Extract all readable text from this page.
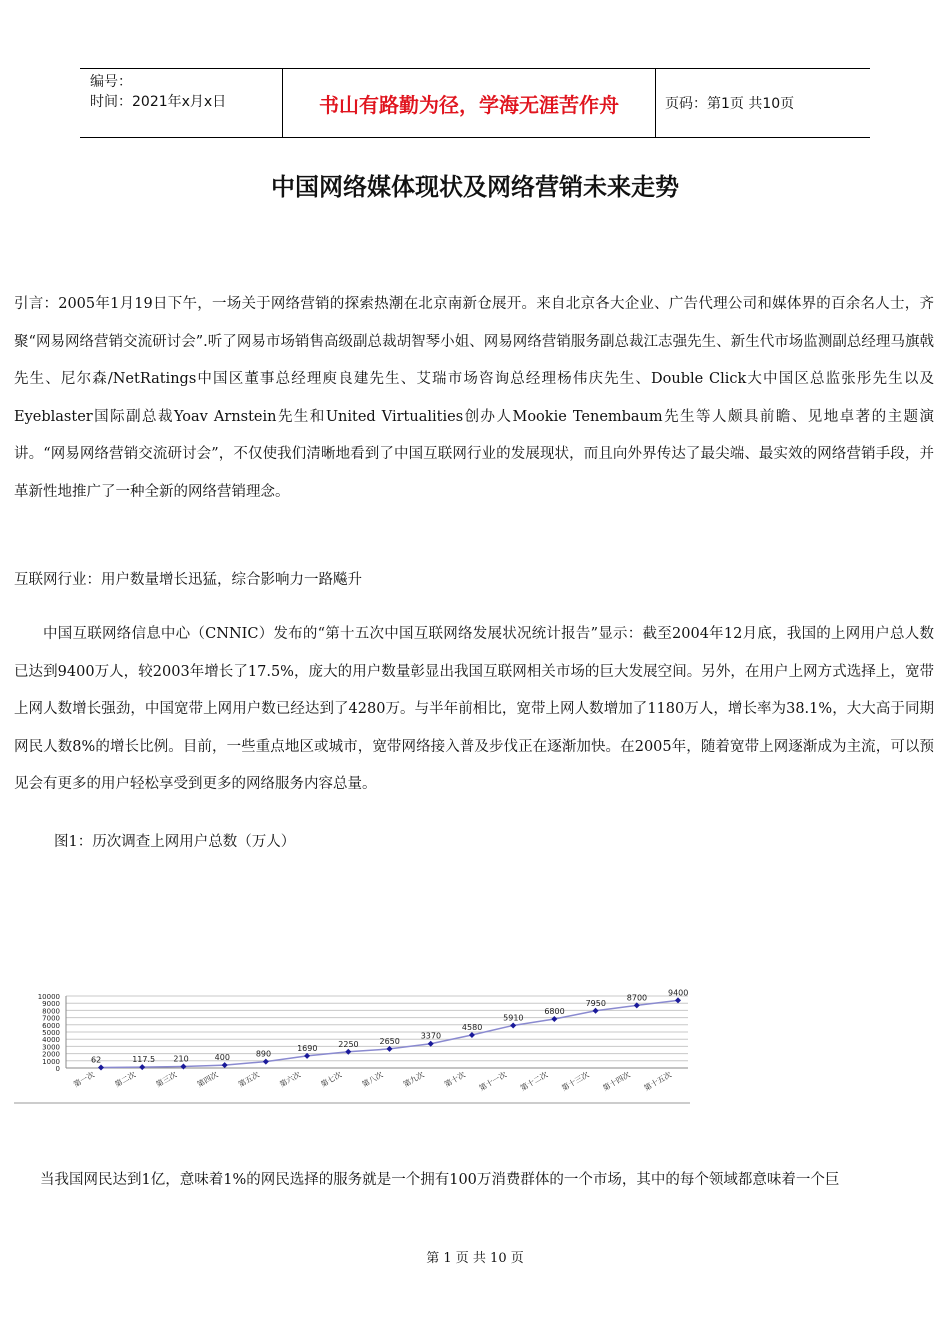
编号：
时间：2021年x月x日	书山有路勤为径，学海无涯苦作舟	页码：第1页 共10页
中国网络媒体现状及网络营销未来走势
引言：2005年1月19日下午，一场关于网络营销的探索热潮在北京南新仓展开。来自北京各大企业、广告代理公司和媒体界的百余名人士，齐聚“网易网络营销交流研讨会”.听了网易市场销售高级副总裁胡智琴小姐、网易网络营销服务副总裁江志强先生、新生代市场监测副总经理马旗戟先生、尼尔森/NetRatings中国区董事总经理庾良建先生、艾瑞市场咨询总经理杨伟庆先生、Double Click大中国区总监张彤先生以及Eyeblaster国际副总裁Yoav Arnstein先生和United Virtualities创办人Mookie Tenembaum先生等人颇具前瞻、见地卓著的主题演讲。“网易网络营销交流研讨会”，不仅使我们清晰地看到了中国互联网行业的发展现状，而且向外界传达了最尖端、最实效的网络营销手段，并革新性地推广了一种全新的网络营销理念。
互联网行业：用户数量增长迅猛，综合影响力一路飚升
中国互联网络信息中心（CNNIC）发布的“第十五次中国互联网络发展状况统计报告”显示：截至2004年12月底，我国的上网用户总人数已达到9400万人，较2003年增长了17.5%，庞大的用户数量彰显出我国互联网相关市场的巨大发展空间。另外，在用户上网方式选择上，宽带上网人数增长强劲，中国宽带上网用户数已经达到了4280万。与半年前相比，宽带上网人数增加了1180万人，增长率为38.1%，大大高于同期网民人数8%的增长比例。目前，一些重点地区或城市，宽带网络接入普及步伐正在逐渐加快。在2005年，随着宽带上网逐渐成为主流，可以预见会有更多的用户轻松享受到更多的网络服务内容总量。
图1：历次调查上网用户总数（万人）
0
1000
2000
3000
4000
5000
6000
7000
8000
9000
10000
62
第一次
117.5
第二次
210
第三次
400
第四次
890
第五次
1690
第六次
2250
第七次
2650
第八次
3370
第九次
4580
第十次
5910
第十一次
6800
第十二次
7950
第十三次
8700
第十四次
9400
第十五次
当我国网民达到1亿，意味着1%的网民选择的服务就是一个拥有100万消费群体的一个市场，其中的每个领域都意味着一个巨
第 1 页 共 10 页
